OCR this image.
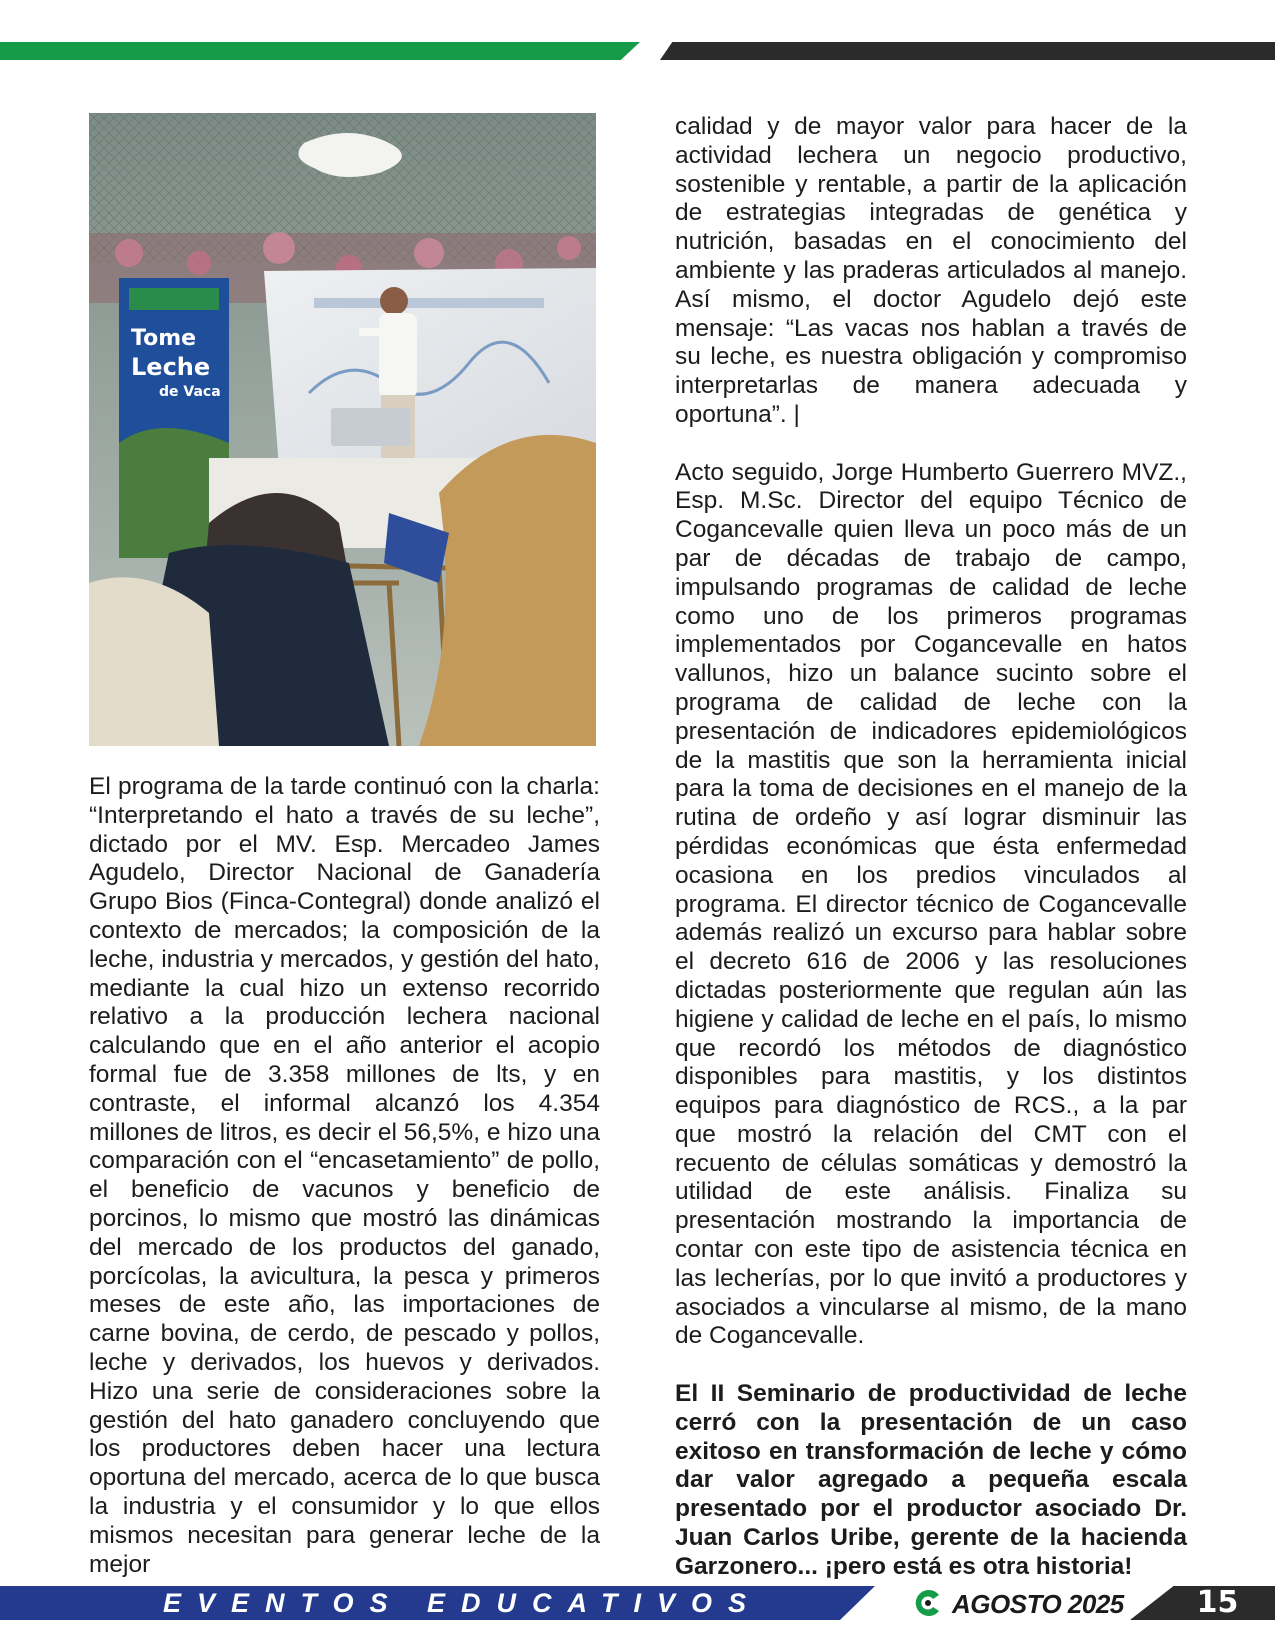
Tome
Leche
de Vaca

El programa de la tarde continuó con la charla: “Interpretando el hato a través de su leche”, dictado por el MV. Esp. Mercadeo James Agudelo, Director Nacional de Ganadería Grupo Bios (Finca-Contegral) donde analizó el contexto de mercados; la composición de la leche, industria y mercados, y gestión del hato, mediante la cual hizo un extenso recorrido relativo a la producción lechera nacional calculando que en el año anterior el acopio formal fue de 3.358 millones de lts, y en contraste, el informal alcanzó los 4.354 millones de litros, es decir el 56,5%, e hizo una comparación con el “encasetamiento” de pollo, el beneficio de vacunos y beneficio de porcinos, lo mismo que mostró las dinámicas del mercado de los productos del ganado, porcícolas, la avicultura, la pesca y primeros meses de este año, las importaciones de carne bovina, de cerdo, de pescado y pollos, leche y derivados, los huevos y derivados. Hizo una serie de consideraciones sobre la gestión del hato ganadero concluyendo que los productores deben hacer una lectura oportuna del mercado, acerca de lo que busca la industria y el consumidor y lo que ellos mismos necesitan para generar leche de la mejor

calidad y de mayor valor para hacer de la actividad lechera un negocio productivo, sostenible y rentable, a partir de la aplicación de estrategias integradas de genética y nutrición, basadas en el conocimiento del ambiente y las praderas articulados al manejo. Así mismo, el doctor Agudelo dejó este mensaje: “Las vacas nos hablan a través de su leche, es nuestra obligación y compromiso interpretarlas de manera adecuada y oportuna”. |

Acto seguido, Jorge Humberto Guerrero MVZ., Esp. M.Sc. Director del equipo Técnico de Cogancevalle quien lleva un poco más de un par de décadas de trabajo de campo, impulsando programas de calidad de leche como uno de los primeros programas implementados por Cogancevalle en hatos vallunos, hizo un balance sucinto sobre el programa de calidad de leche con la presentación de indicadores epidemiológicos de la mastitis que son la herramienta inicial para la toma de decisiones en el manejo de la rutina de ordeño y así lograr disminuir las pérdidas económicas que ésta enfermedad ocasiona en los predios vinculados al programa. El director técnico de Cogancevalle además realizó un excurso para hablar sobre el decreto 616 de 2006 y las resoluciones dictadas posteriormente que regulan aún las higiene y calidad de leche en el país, lo mismo que recordó los métodos de diagnóstico disponibles para mastitis, y los distintos equipos para diagnóstico de RCS., a la par que mostró la relación del CMT con el recuento de células somáticas y demostró la utilidad de este análisis. Finaliza su presentación mostrando la importancia de contar con este tipo de asistencia técnica en las lecherías, por lo que invitó a productores y asociados a vincularse al mismo, de la mano de Cogancevalle.

El II Seminario de productividad de leche cerró con la presentación de un caso exitoso en transformación de leche y cómo dar valor agregado a pequeña escala presentado por el productor asociado Dr. Juan Carlos Uribe, gerente de la hacienda Garzonero... ¡pero está es otra historia!

EVENTOS EDUCATIVOS	AGOSTO 2025 15
